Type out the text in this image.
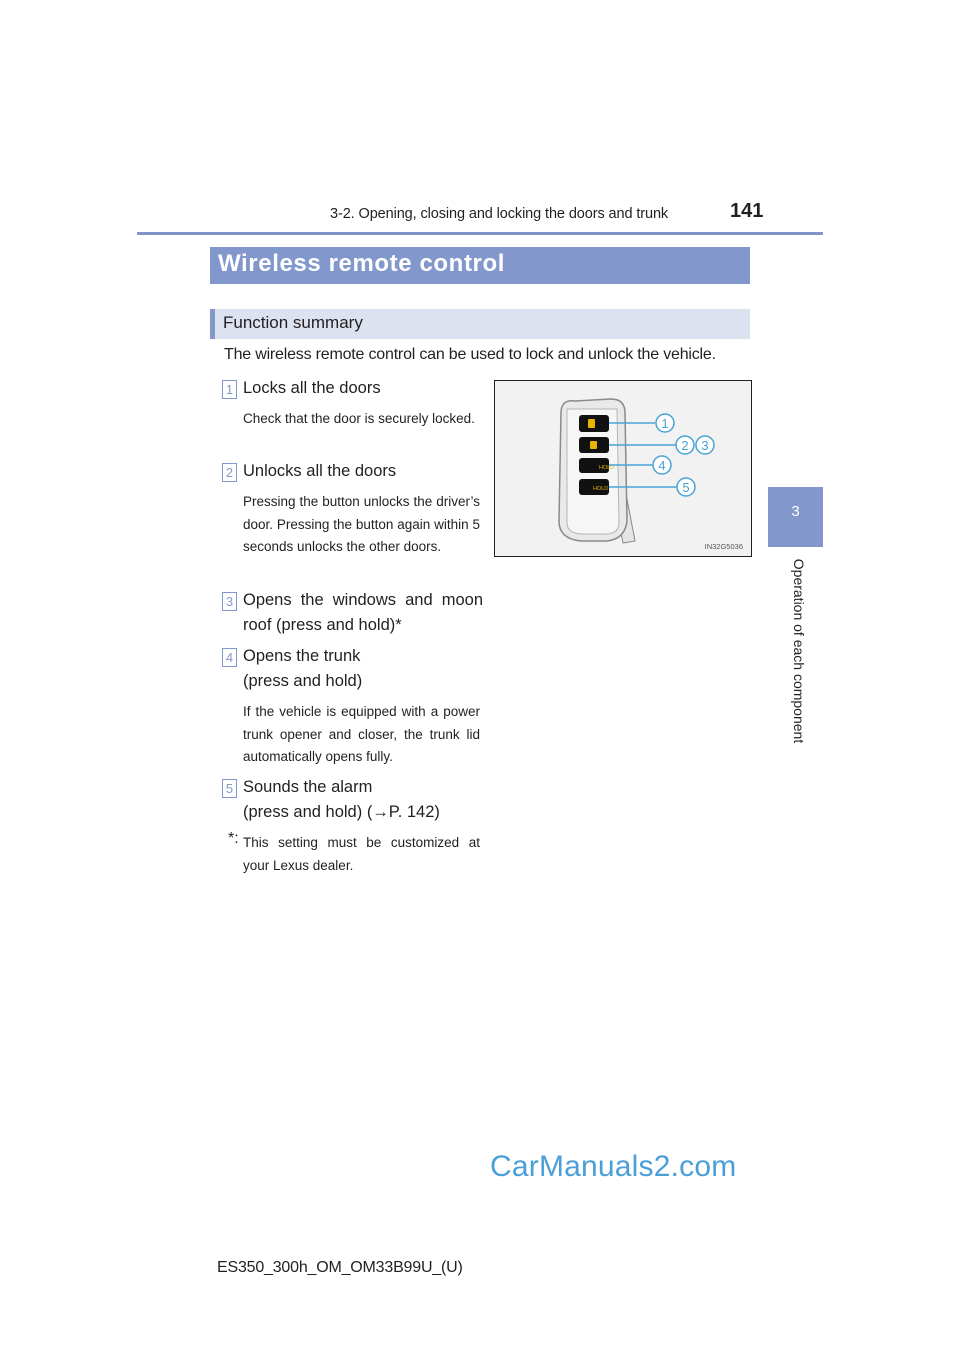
3-2. Opening, closing and locking the doors and trunk	141
3
Operation of each component
Wireless remote control
Function summary
The wireless remote control can be used to lock and unlock the vehicle.
1 Locks all the doors
Check that the door is securely locked.
2 Unlocks all the doors
Pressing the button unlocks the driver’s door. Pressing the button again within 5 seconds unlocks the other doors.
3 Opens the windows and moon
roof (press and hold)*
4 Opens the trunk
(press and hold)
If the vehicle is equipped with a power trunk opener and closer, the trunk lid automatically opens fully.
5 Sounds the alarm
(press and hold) (→P. 142)
*: This setting must be customized at your Lexus dealer.
HOLD
HOLD
1
2 3
4
5
IN32G5036
CarManuals2.com
ES350_300h_OM_OM33B99U_(U)
